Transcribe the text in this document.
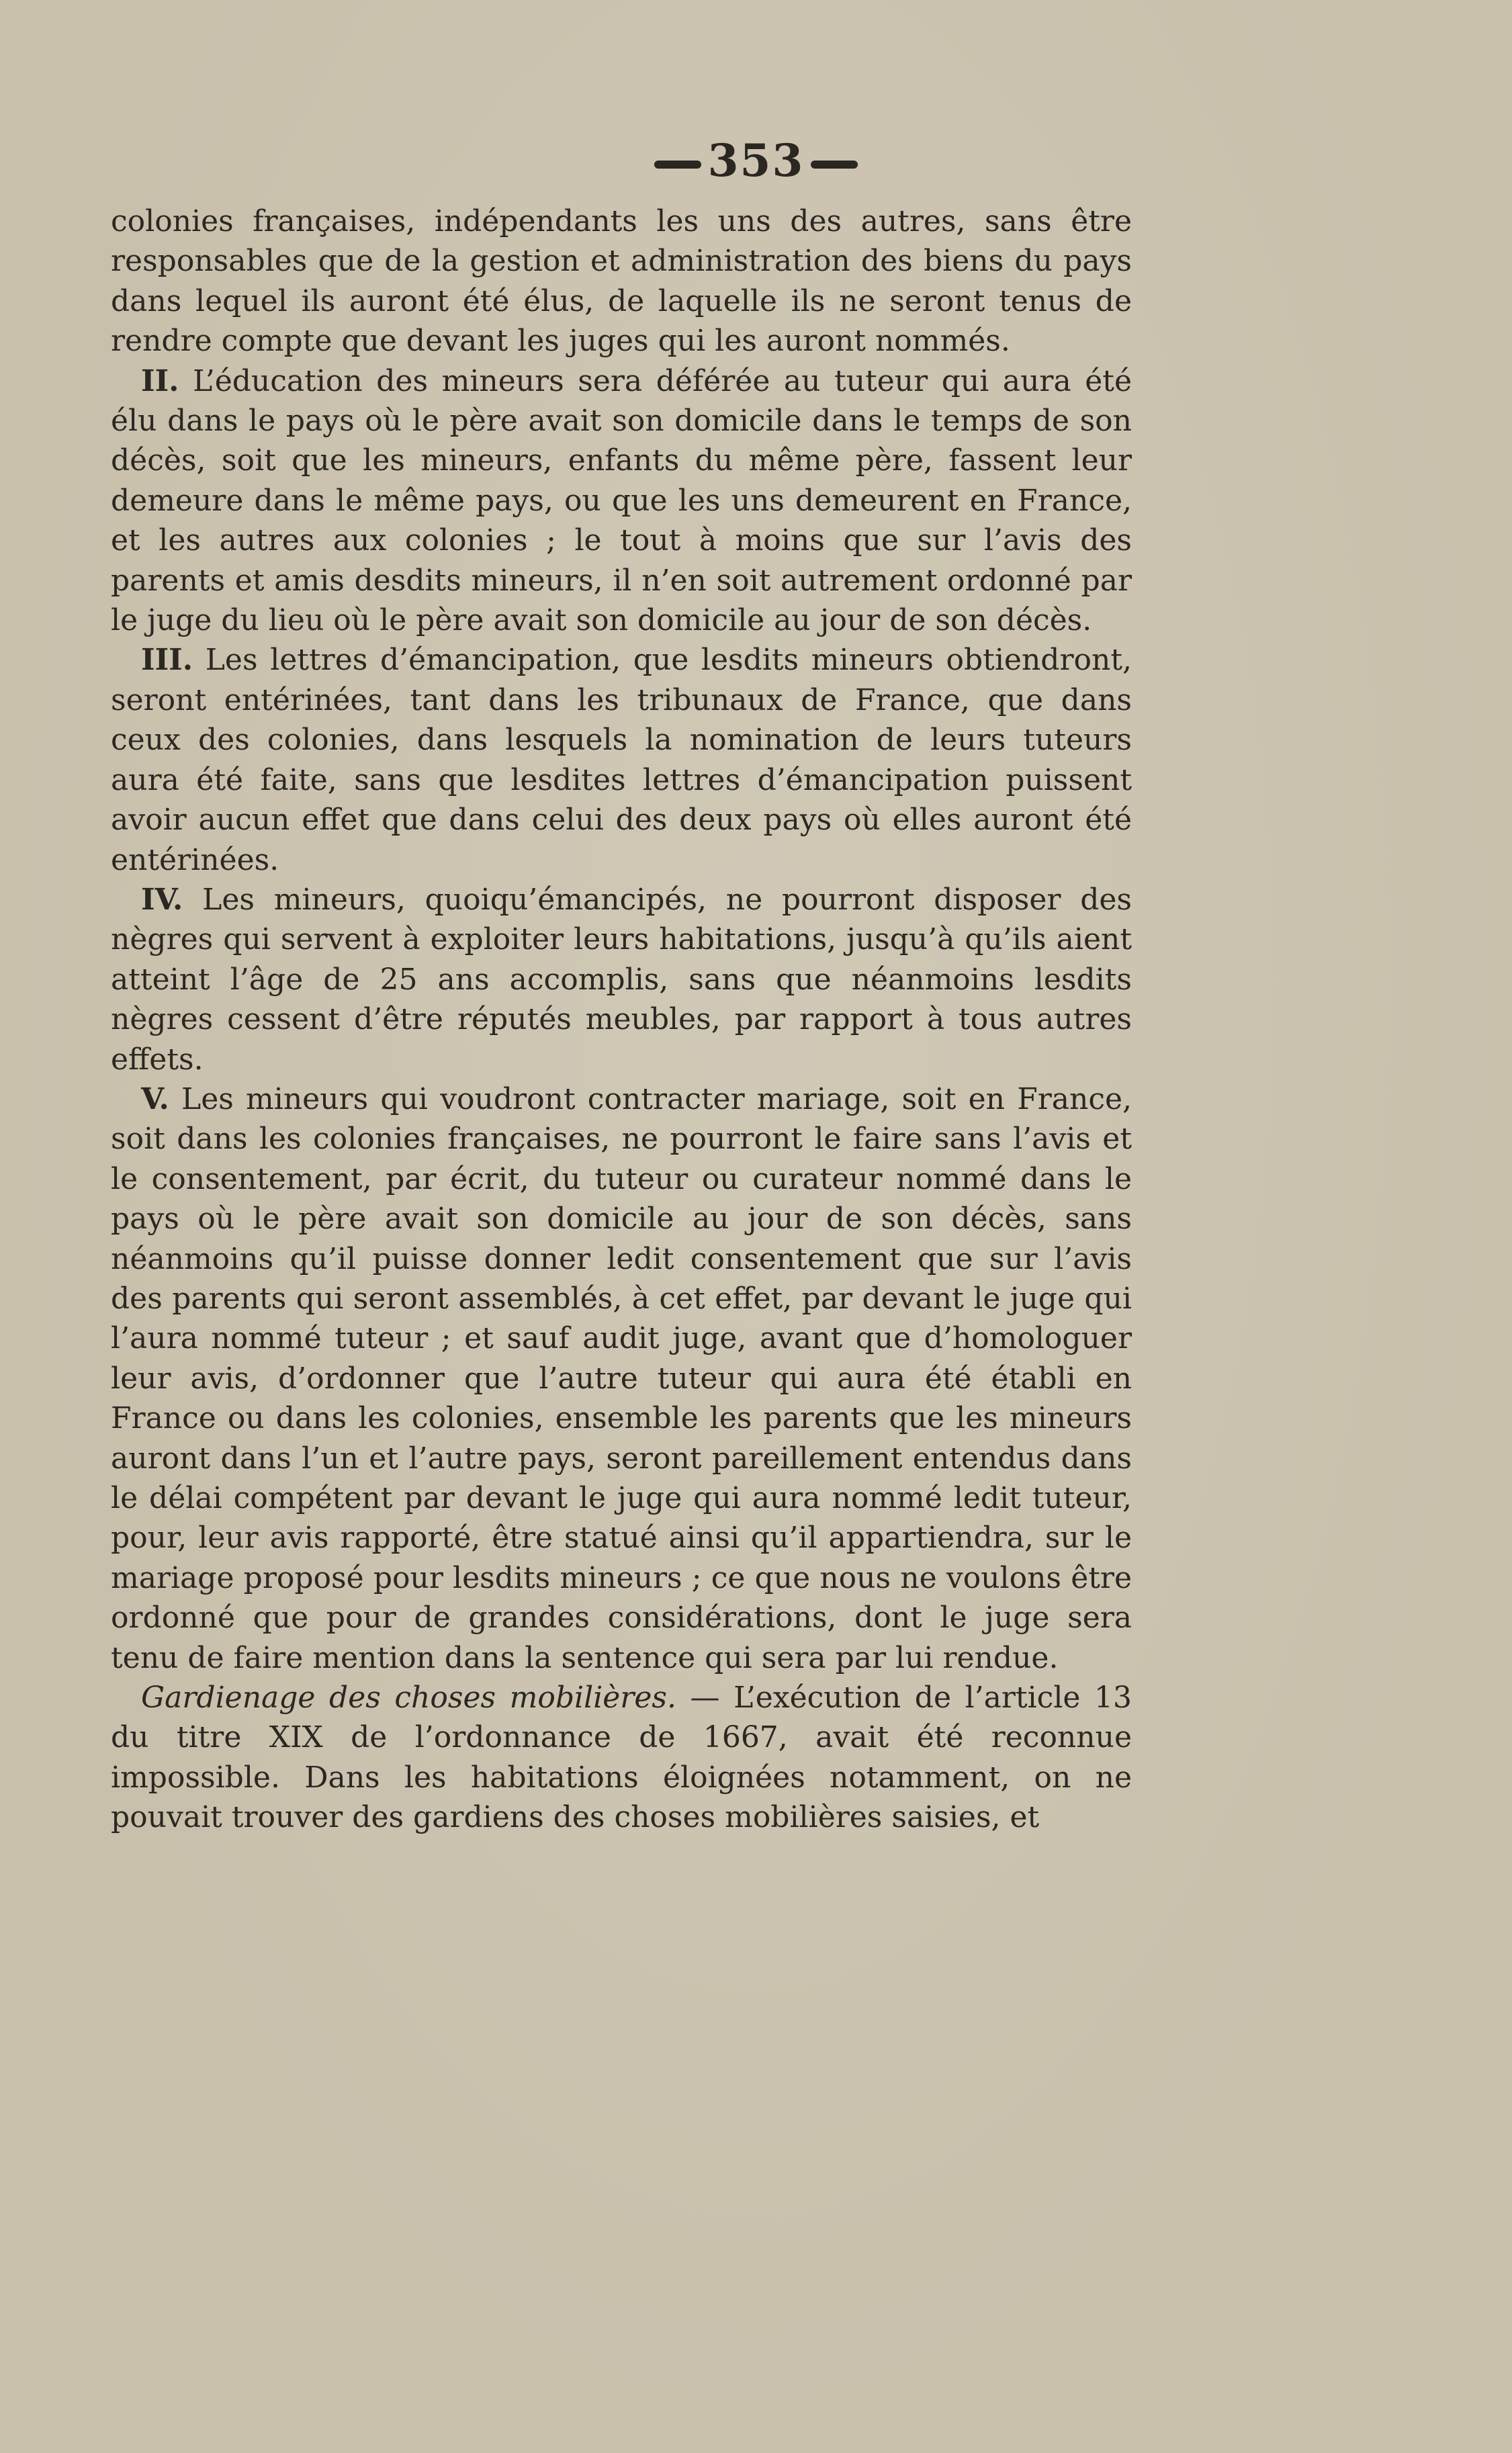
353

colonies françaises, indépendants les uns des autres, sans être responsables que de la gestion et administration des biens du pays dans lequel ils auront été élus, de laquelle ils ne seront tenus de rendre compte que devant les juges qui les auront nommés.

II. L’éducation des mineurs sera déférée au tuteur qui aura été élu dans le pays où le père avait son domicile dans le temps de son décès, soit que les mineurs, enfants du même père, fassent leur demeure dans le même pays, ou que les uns demeurent en France, et les autres aux colonies ; le tout à moins que sur l’avis des parents et amis desdits mineurs, il n’en soit autrement ordonné par le juge du lieu où le père avait son domicile au jour de son décès.

III. Les lettres d’émancipation, que lesdits mineurs obtiendront, seront entérinées, tant dans les tribunaux de France, que dans ceux des colonies, dans lesquels la nomination de leurs tuteurs aura été faite, sans que lesdites lettres d’émancipation puissent avoir aucun effet que dans celui des deux pays où elles auront été entérinées.

IV. Les mineurs, quoiqu’émancipés, ne pourront disposer des nègres qui servent à exploiter leurs habitations, jusqu’à qu’ils aient atteint l’âge de 25 ans accomplis, sans que néanmoins lesdits nègres cessent d’être réputés meubles, par rapport à tous autres effets.

V. Les mineurs qui voudront contracter mariage, soit en France, soit dans les colonies françaises, ne pourront le faire sans l’avis et le consentement, par écrit, du tuteur ou curateur nommé dans le pays où le père avait son domicile au jour de son décès, sans néanmoins qu’il puisse donner ledit consentement que sur l’avis des parents qui seront assemblés, à cet effet, par devant le juge qui l’aura nommé tuteur ; et sauf audit juge, avant que d’homologuer leur avis, d’ordonner que l’autre tuteur qui aura été établi en France ou dans les colonies, ensemble les parents que les mineurs auront dans l’un et l’autre pays, seront pareillement entendus dans le délai compétent par devant le juge qui aura nommé ledit tuteur, pour, leur avis rapporté, être statué ainsi qu’il appartiendra, sur le mariage proposé pour lesdits mineurs ; ce que nous ne voulons être ordonné que pour de grandes considérations, dont le juge sera tenu de faire mention dans la sentence qui sera par lui rendue.

Gardienage des choses mobilières. — L’exécution de l’article 13 du titre XIX de l’ordonnance de 1667, avait été reconnue impossible. Dans les habitations éloignées notamment, on ne pouvait trouver des gardiens des choses mobilières saisies, et
